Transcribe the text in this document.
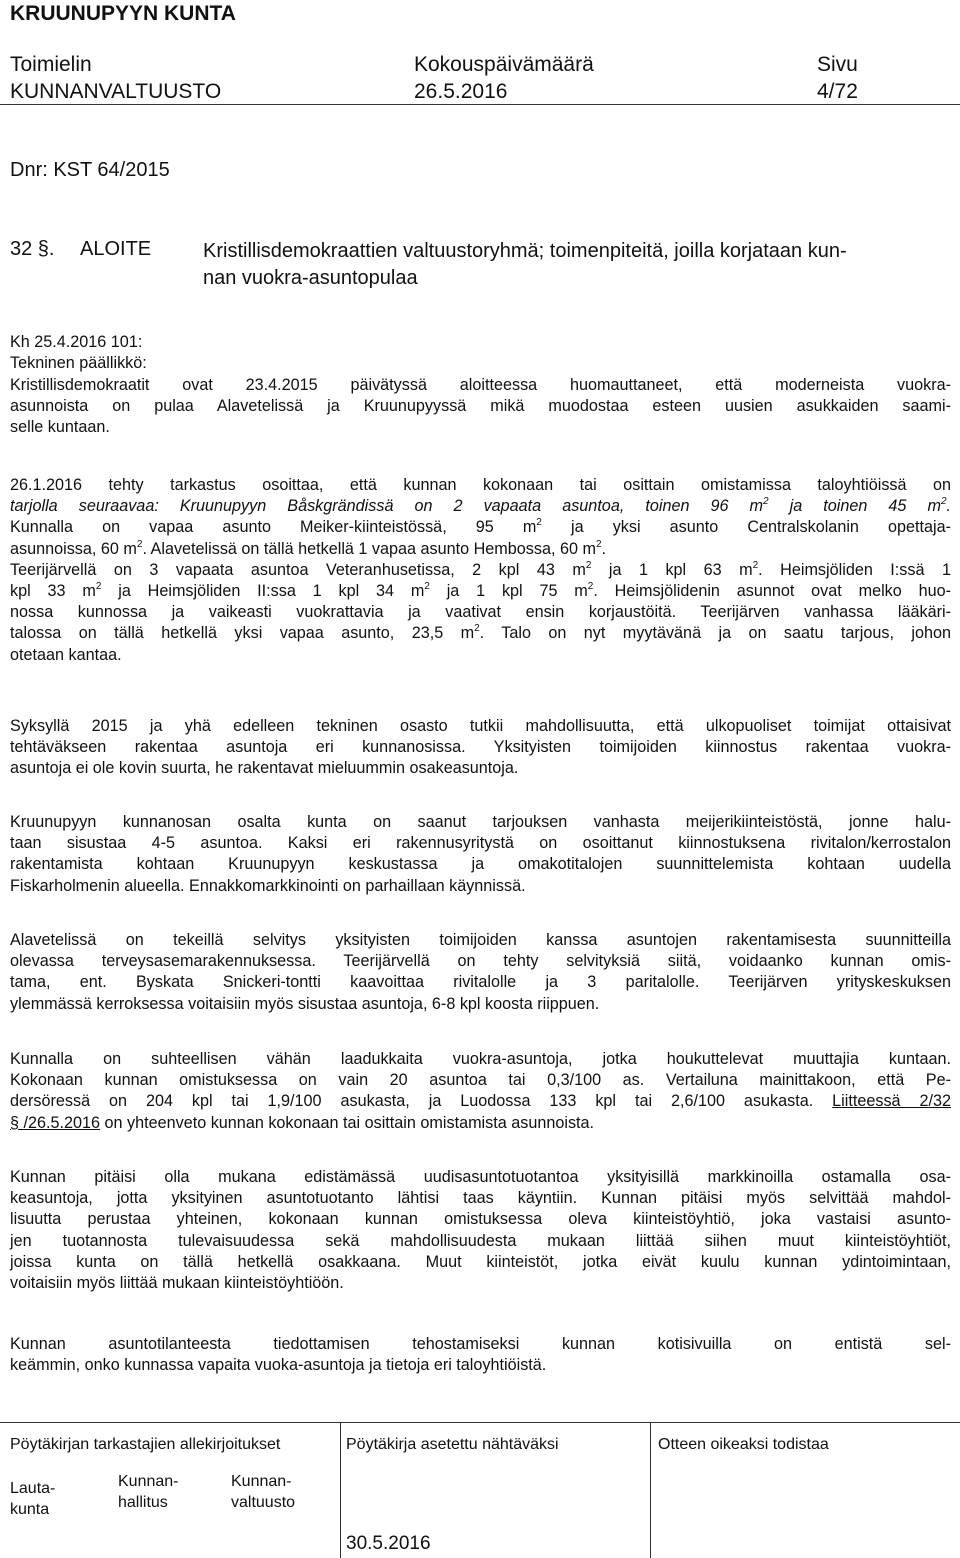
KRUUNUPYYN KUNTA
Toimielin	Kokouspäivämäärä	Sivu
KUNNANVALTUUSTO	26.5.2016	4/72
Dnr: KST 64/2015
32 §. ALOITE	Kristillisdemokraattien valtuustoryhmä; toimenpiteitä, joilla korjataan kun-
nan vuokra-asuntopulaa
Kh 25.4.2016 101:
Tekninen päällikkö:
Kristillisdemokraatit ovat 23.4.2015 päivätyssä aloitteessa huomauttaneet, että moderneista vuokra-
asunnoista on pulaa Alavetelissä ja Kruunupyyssä mikä muodostaa esteen uusien asukkaiden saami-
selle kuntaan.
26.1.2016 tehty tarkastus osoittaa, että kunnan kokonaan tai osittain omistamissa taloyhtiöissä on
tarjolla seuraavaa: Kruunupyyn Båskgrändissä on 2 vapaata asuntoa, toinen 96 $m^2$ ja toinen 45 $m^2$.
Kunnalla on vapaa asunto Meiker-kiinteistössä, 95 $m^2$ ja yksi asunto Centralskolanin opettaja-
asunnoissa, 60 $m^2$. Alavetelissä on tällä hetkellä 1 vapaa asunto Hembossa, 60 $m^2$.
Teerijärvellä on 3 vapaata asuntoa Veteranhusetissa, 2 kpl 43 $m^2$ ja 1 kpl 63 $m^2$. Heimsjöliden I:ssä 1
kpl 33 $m^2$ ja Heimsjöliden II:ssa 1 kpl 34 $m^2$ ja 1 kpl 75 $m^2$. Heimsjölidenin asunnot ovat melko huo-
nossa kunnossa ja vaikeasti vuokrattavia ja vaativat ensin korjaustöitä. Teerijärven vanhassa lääkäri-
talossa on tällä hetkellä yksi vapaa asunto, 23,5 $m^2$. Talo on nyt myytävänä ja on saatu tarjous, johon
otetaan kantaa.
Syksyllä 2015 ja yhä edelleen tekninen osasto tutkii mahdollisuutta, että ulkopuoliset toimijat ottaisivat
tehtäväkseen rakentaa asuntoja eri kunnanosissa. Yksityisten toimijoiden kiinnostus rakentaa vuokra-
asuntoja ei ole kovin suurta, he rakentavat mieluummin osakeasuntoja.
Kruunupyyn kunnanosan osalta kunta on saanut tarjouksen vanhasta meijerikiinteistöstä, jonne halu-
taan sisustaa 4-5 asuntoa. Kaksi eri rakennusyritystä on osoittanut kiinnostuksena rivitalon/kerrostalon
rakentamista kohtaan Kruunupyyn keskustassa ja omakotitalojen suunnittelemista kohtaan uudella
Fiskarholmenin alueella. Ennakkomarkkinointi on parhaillaan käynnissä.
Alavetelissä on tekeillä selvitys yksityisten toimijoiden kanssa asuntojen rakentamisesta suunnitteilla
olevassa terveysasemarakennuksessa. Teerijärvellä on tehty selvityksiä siitä, voidaanko kunnan omis-
tama, ent. Byskata Snickeri-tontti kaavoittaa rivitalolle ja 3 paritalolle. Teerijärven yrityskeskuksen
ylemmässä kerroksessa voitaisiin myös sisustaa asuntoja, 6-8 kpl koosta riippuen.
Kunnalla on suhteellisen vähän laadukkaita vuokra-asuntoja, jotka houkuttelevat muuttajia kuntaan.
Kokonaan kunnan omistuksessa on vain 20 asuntoa tai 0,3/100 as. Vertailuna mainittakoon, että Pe-
dersöressä on 204 kpl tai 1,9/100 asukasta, ja Luodossa 133 kpl tai 2,6/100 asukasta. Liitteessä 2/32
§ /26.5.2016 on yhteenveto kunnan kokonaan tai osittain omistamista asunnoista.
Kunnan pitäisi olla mukana edistämässä uudisasuntotuotantoa yksityisillä markkinoilla ostamalla osa-
keasuntoja, jotta yksityinen asuntotuotanto lähtisi taas käyntiin. Kunnan pitäisi myös selvittää mahdol-
lisuutta perustaa yhteinen, kokonaan kunnan omistuksessa oleva kiinteistöyhtiö, joka vastaisi asunto-
jen tuotannosta tulevaisuudessa sekä mahdollisuudesta mukaan liittää siihen muut kiinteistöyhtiöt,
joissa kunta on tällä hetkellä osakkaana. Muut kiinteistöt, jotka eivät kuulu kunnan ydintoimintaan,
voitaisiin myös liittää mukaan kiinteistöyhtiöön.
Kunnan asuntotilanteesta tiedottamisen tehostamiseksi kunnan kotisivuilla on entistä sel-
keämmin, onko kunnassa vapaita vuoka-asuntoja ja tietoja eri taloyhtiöistä.
Pöytäkirjan tarkastajien allekirjoitukset	Pöytäkirja asetettu nähtäväksi	Otteen oikeaksi todistaa
Lauta-
kunta
Kunnan-
hallitus
Kunnan-
valtuusto
30.5.2016
